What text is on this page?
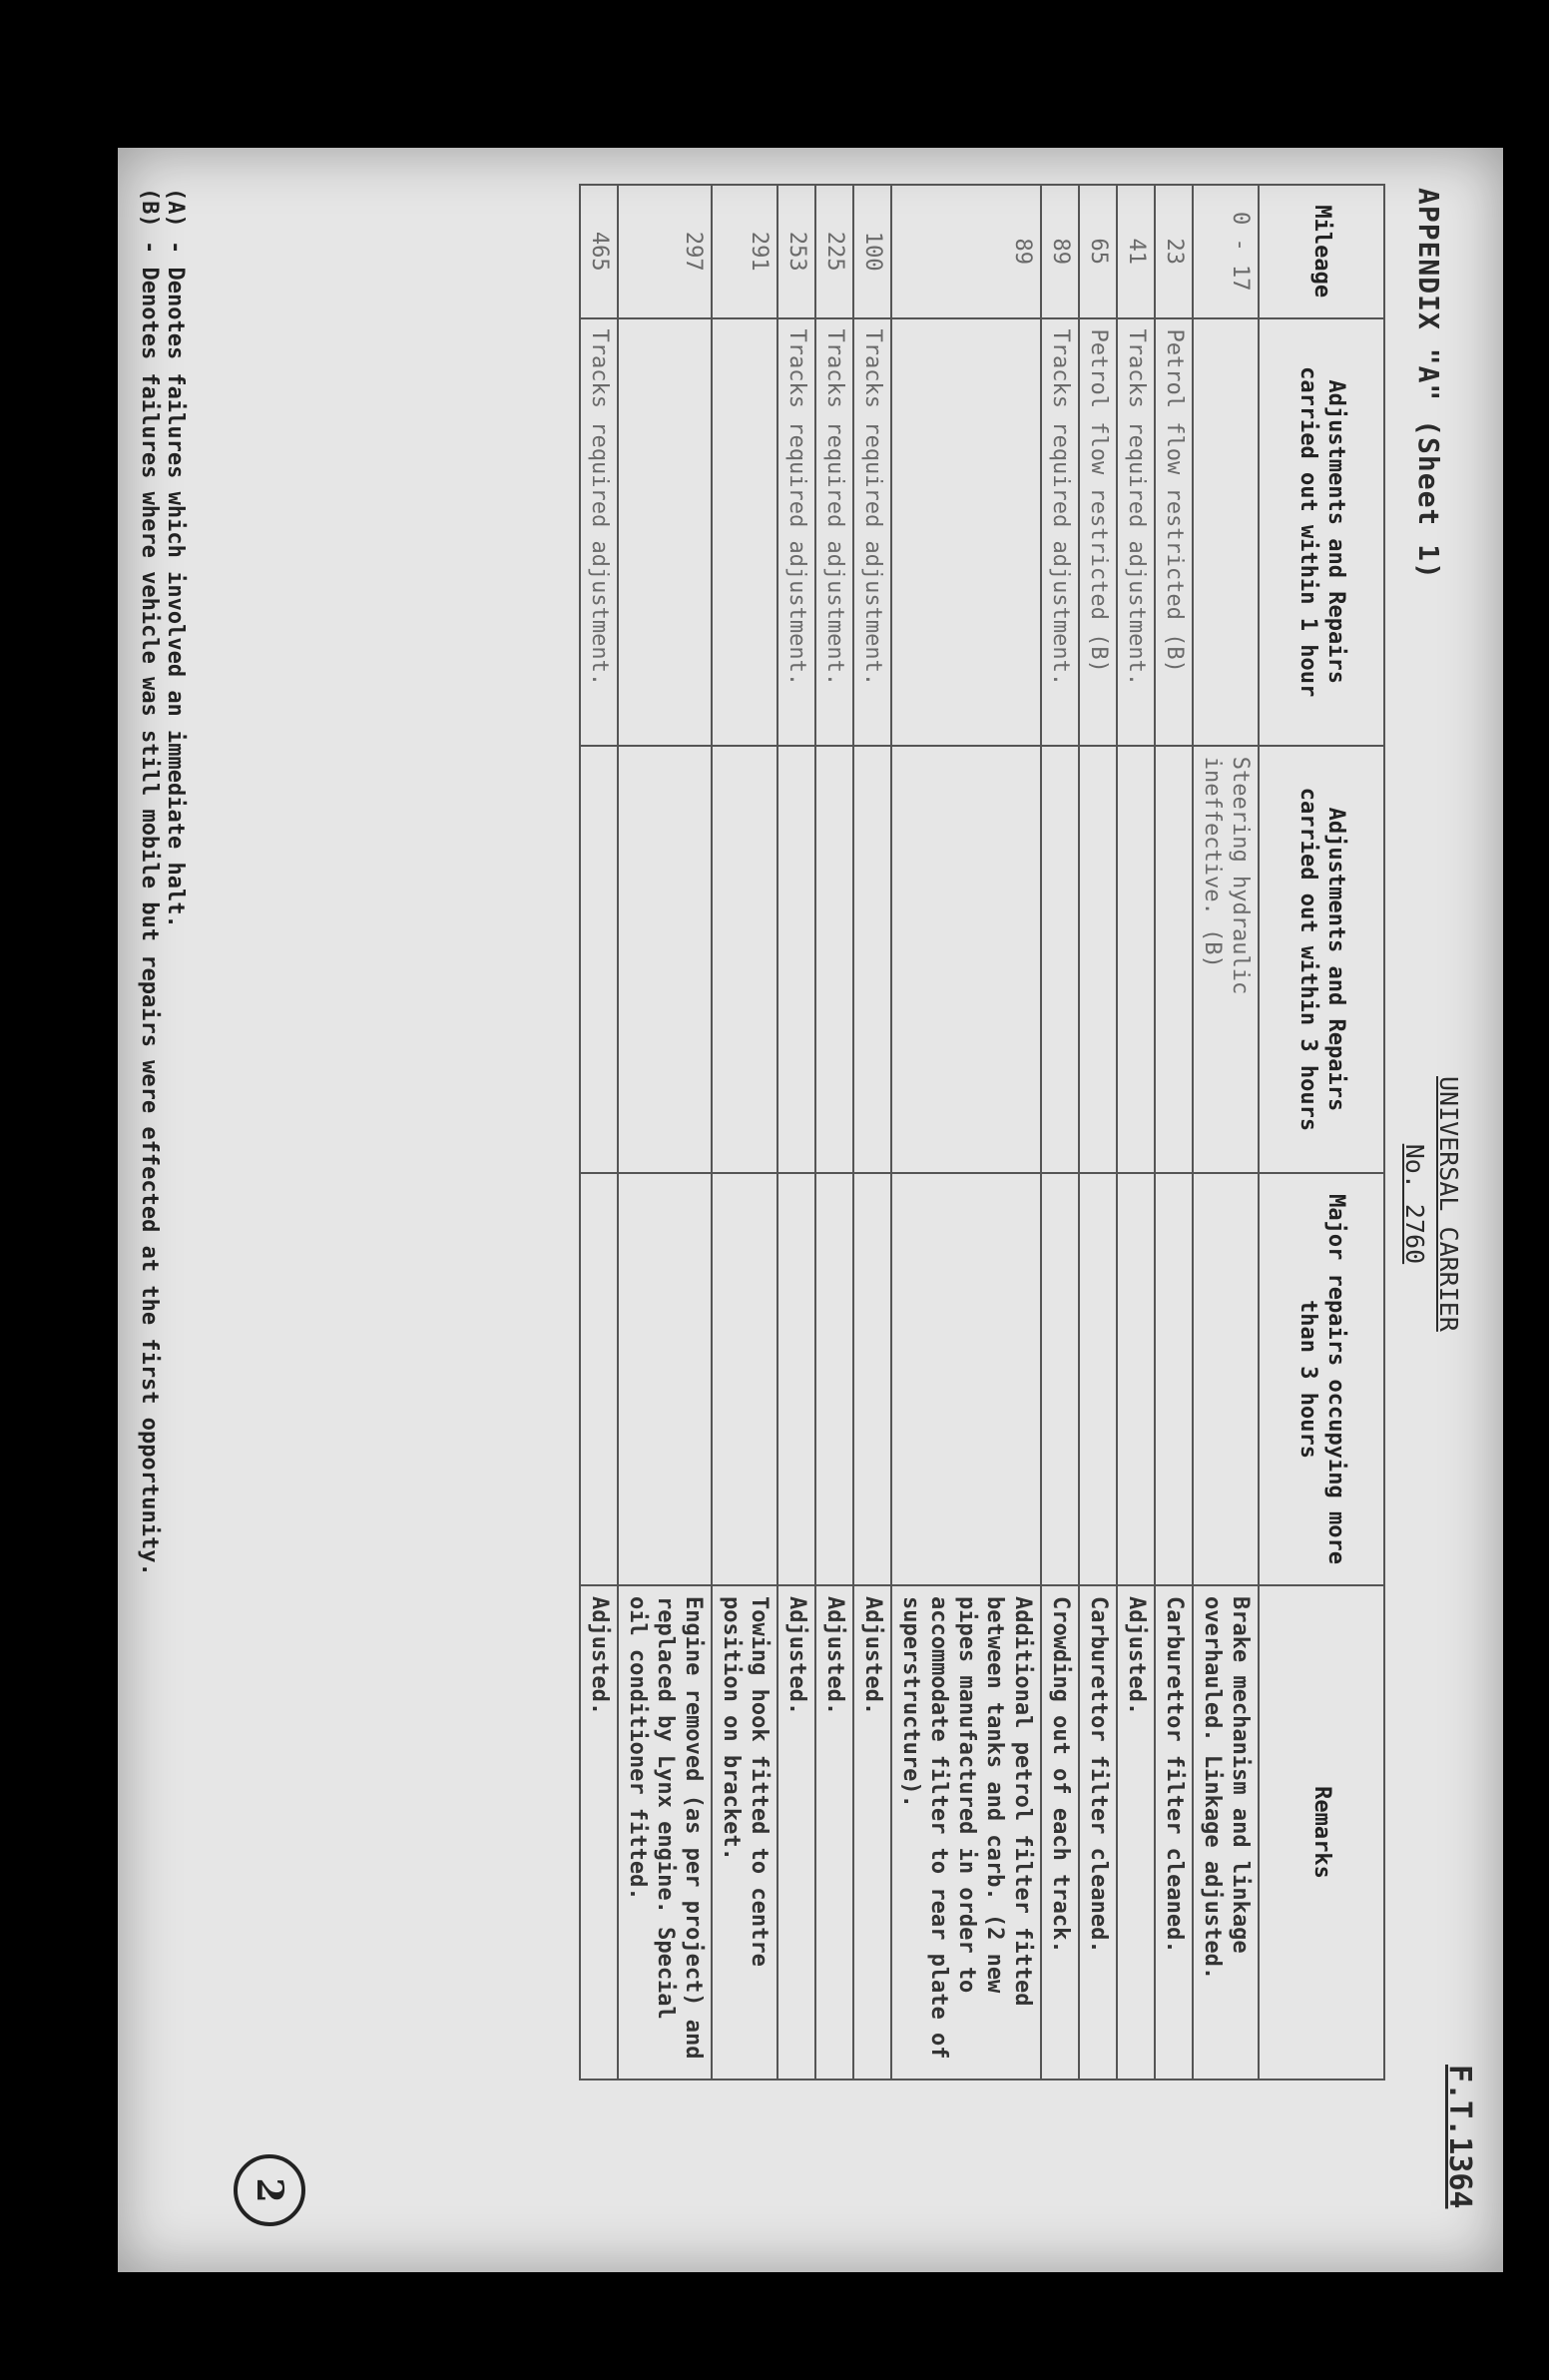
APPENDIX "A" (Sheet 1)
UNIVERSAL CARRIER
No. 2760
F.T.1364
Mileage	Adjustments and Repairs carried out within 1 hour	Adjustments and Repairs carried out within 3 hours	Major repairs occupying more than 3 hours	Remarks
0 - 17		Steering hydraulic ineffective. (B)		Brake mechanism and linkage overhauled. Linkage adjusted.
23	Petrol flow restricted (B)			Carburettor filter cleaned.
41	Tracks required adjustment.			Adjusted.
65	Petrol flow restricted (B)			Carburettor filter cleaned.
89	Tracks required adjustment.			Crowding out of each track.
89				Additional petrol filter fitted between tanks and carb. (2 new pipes manufactured in order to accommodate filter to rear plate of superstructure).
100	Tracks required adjustment.			Adjusted.
225	Tracks required adjustment.			Adjusted.
253	Tracks required adjustment.			Adjusted.
291				Towing hook fitted to centre position on bracket.
297				Engine removed (as per project) and replaced by Lynx engine. Special oil conditioner fitted.
465	Tracks required adjustment.			Adjusted.
(A) - Denotes failures which involved an immediate halt.
(B) - Denotes failures where vehicle was still mobile but repairs were effected at the first opportunity.
2
